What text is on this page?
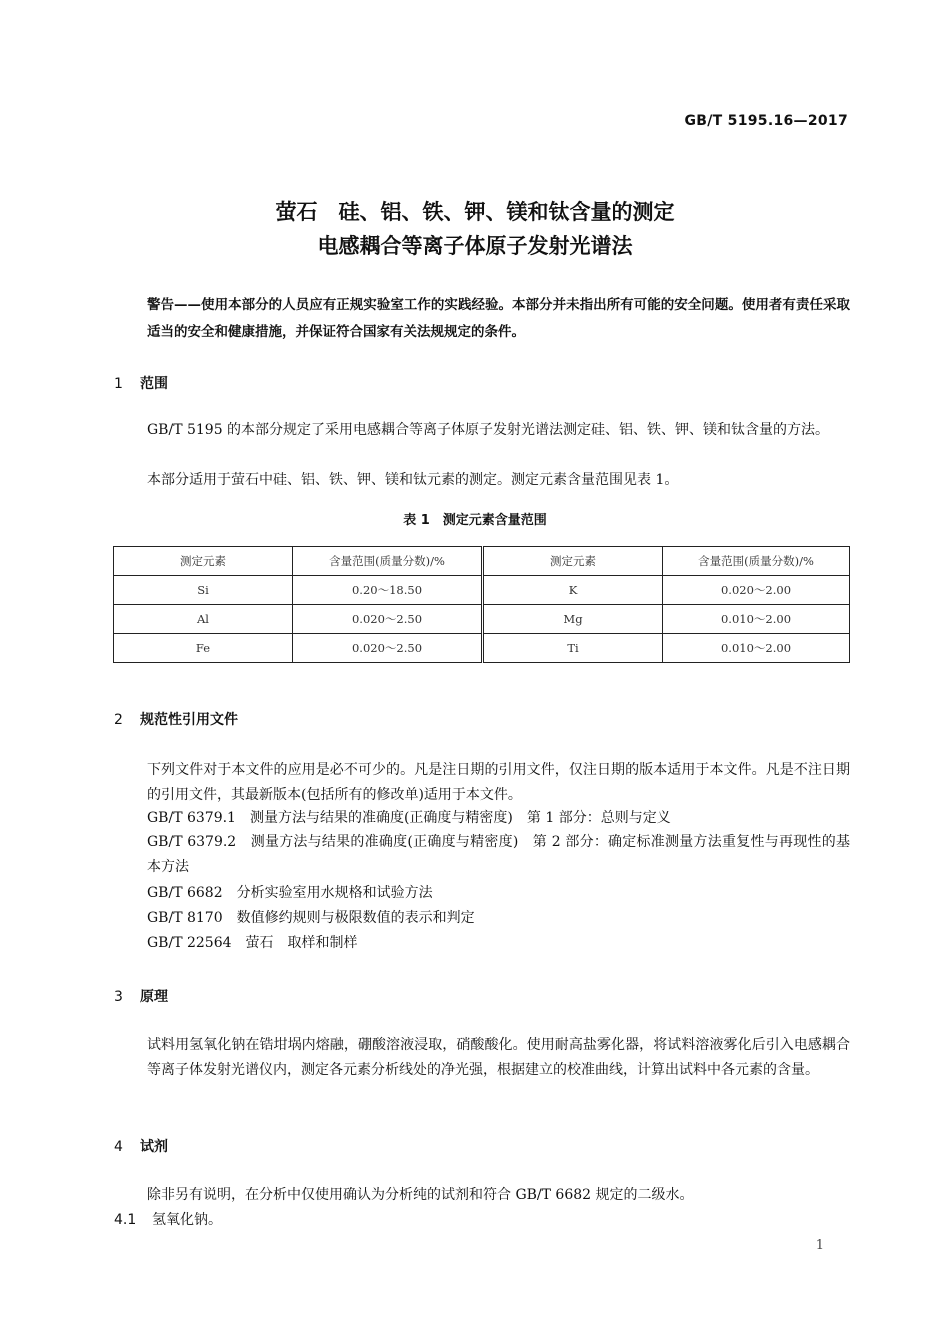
GB/T 5195.16—2017
萤石　硅、铝、铁、钾、镁和钛含量的测定
电感耦合等离子体原子发射光谱法
警告——使用本部分的人员应有正规实验室工作的实践经验。本部分并未指出所有可能的安全问题。使用者有责任采取适当的安全和健康措施，并保证符合国家有关法规规定的条件。
1 范围
GB/T 5195 的本部分规定了采用电感耦合等离子体原子发射光谱法测定硅、铝、铁、钾、镁和钛含量的方法。
本部分适用于萤石中硅、铝、铁、钾、镁和钛元素的测定。测定元素含量范围见表 1。
表 1　测定元素含量范围
测定元素	含量范围(质量分数)/%	测定元素	含量范围(质量分数)/%
Si	0.20～18.50	K	0.020～2.00
Al	0.020～2.50	Mg	0.010～2.00
Fe	0.020～2.50	Ti	0.010～2.00
2 规范性引用文件
下列文件对于本文件的应用是必不可少的。凡是注日期的引用文件，仅注日期的版本适用于本文件。凡是不注日期的引用文件，其最新版本(包括所有的修改单)适用于本文件。
GB/T 6379.1　测量方法与结果的准确度(正确度与精密度)　第 1 部分：总则与定义
GB/T 6379.2　测量方法与结果的准确度(正确度与精密度)　第 2 部分：确定标准测量方法重复性与再现性的基本方法
GB/T 6682　分析实验室用水规格和试验方法
GB/T 8170　数值修约规则与极限数值的表示和判定
GB/T 22564　萤石　取样和制样
3 原理
试料用氢氧化钠在锆坩埚内熔融，硼酸溶液浸取，硝酸酸化。使用耐高盐雾化器，将试料溶液雾化后引入电感耦合等离子体发射光谱仪内，测定各元素分析线处的净光强，根据建立的校准曲线，计算出试料中各元素的含量。
4 试剂
除非另有说明，在分析中仅使用确认为分析纯的试剂和符合 GB/T 6682 规定的二级水。
4.1 氢氧化钠。
1
